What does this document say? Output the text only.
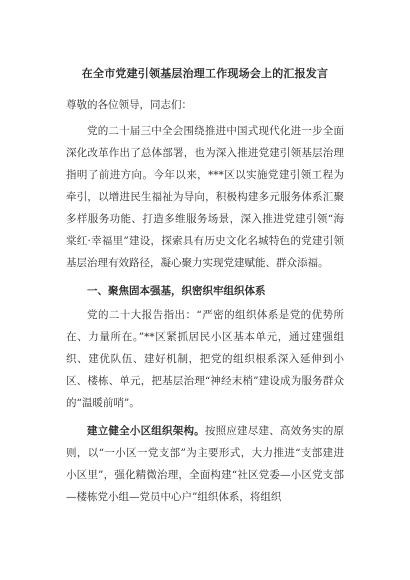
在全市党建引领基层治理工作现场会上的汇报发言
尊敬的各位领导，同志们：

党的二十届三中全会围绕推进中国式现代化进一步全面深化改革作出了总体部署，也为深入推进党建引领基层治理指明了前进方向。今年以来，***区以实施党建引领工程为牵引，以增进民生福祉为导向，积极构建多元服务体系汇聚多样服务功能、打造多维服务场景，深入推进党建引领“海棠红·幸福里”建设，探索具有历史文化名城特色的党建引领基层治理有效路径，凝心聚力实现党建赋能、群众添福。

一、聚焦固本强基，织密织牢组织体系

党的二十大报告指出：“严密的组织体系是党的优势所在、力量所在。”**区紧抓居民小区基本单元，通过建强组织、建优队伍、建好机制，把党的组织根系深入延伸到小区、楼栋、单元，把基层治理“神经末梢”建设成为服务群众的“温暖前哨”。

建立健全小区组织架构。按照应建尽建、高效务实的原则，以“一小区一党支部”为主要形式，大力推进“支部建进小区里”，强化精微治理，全面构建“社区党委—小区党支部—楼栋党小组—党员中心户”组织体系，将组织
